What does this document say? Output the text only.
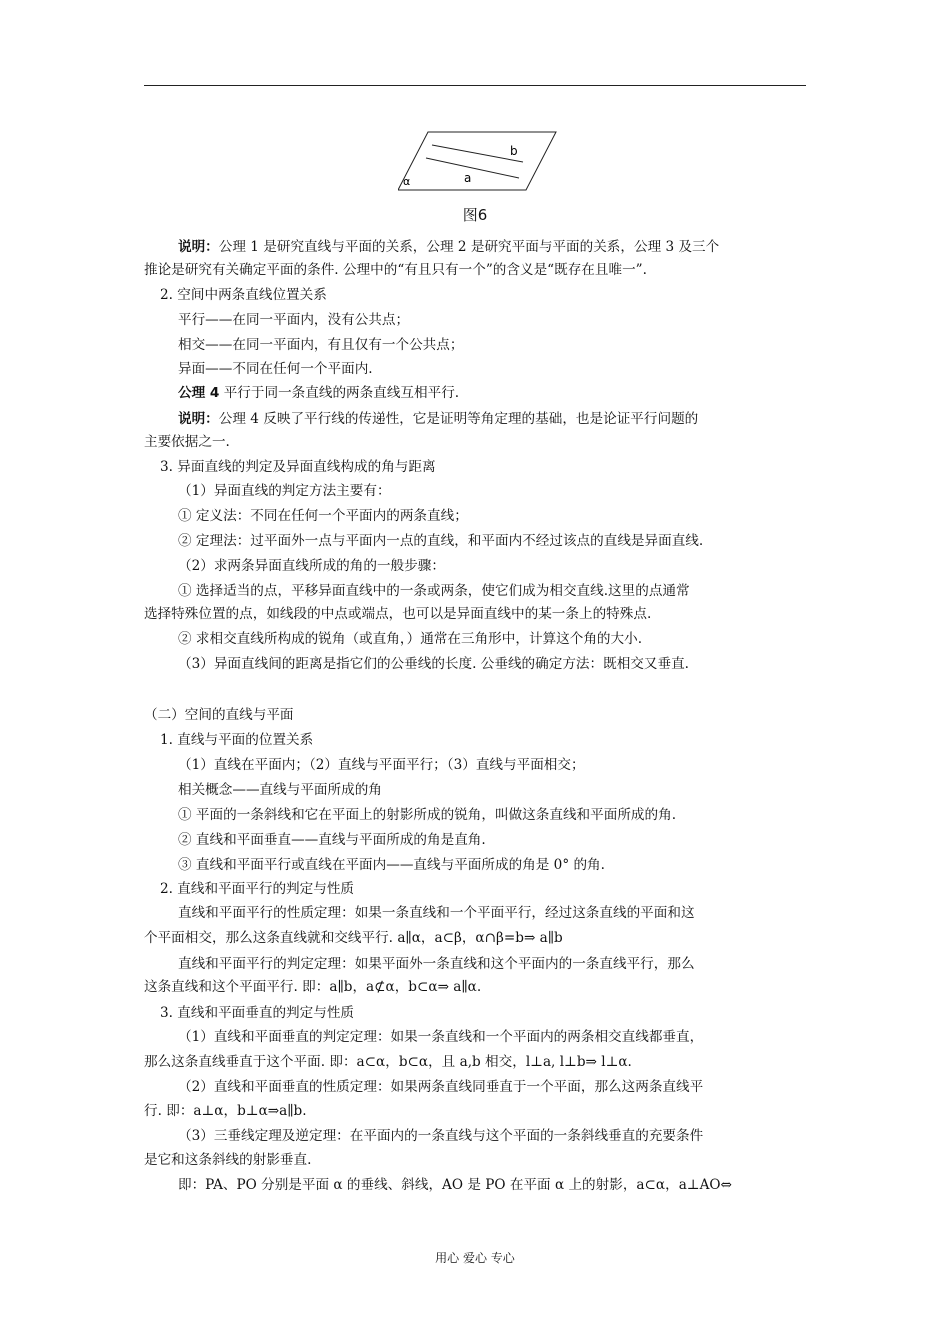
b
a
α
图6
说明：公理 1 是研究直线与平面的关系，公理 2 是研究平面与平面的关系，公理 3 及三个
推论是研究有关确定平面的条件. 公理中的“有且只有一个”的含义是“既存在且唯一”.
2. 空间中两条直线位置关系
平行——在同一平面内，没有公共点；
相交——在同一平面内，有且仅有一个公共点；
异面——不同在任何一个平面内.
公理 4 平行于同一条直线的两条直线互相平行.
说明：公理 4 反映了平行线的传递性，它是证明等角定理的基础，也是论证平行问题的
主要依据之一.
3. 异面直线的判定及异面直线构成的角与距离
（1）异面直线的判定方法主要有：
① 定义法：不同在任何一个平面内的两条直线；
② 定理法：过平面外一点与平面内一点的直线，和平面内不经过该点的直线是异面直线.
（2）求两条异面直线所成的角的一般步骤：
① 选择适当的点，平移异面直线中的一条或两条，使它们成为相交直线.这里的点通常
选择特殊位置的点，如线段的中点或端点，也可以是异面直线中的某一条上的特殊点.
② 求相交直线所构成的锐角（或直角，）通常在三角形中，计算这个角的大小.
（3）异面直线间的距离是指它们的公垂线的长度. 公垂线的确定方法：既相交又垂直.
（二）空间的直线与平面
1. 直线与平面的位置关系
（1）直线在平面内；（2）直线与平面平行；（3）直线与平面相交；
相关概念——直线与平面所成的角
① 平面的一条斜线和它在平面上的射影所成的锐角，叫做这条直线和平面所成的角.
② 直线和平面垂直——直线与平面所成的角是直角.
③ 直线和平面平行或直线在平面内——直线与平面所成的角是 0° 的角.
2. 直线和平面平行的判定与性质
直线和平面平行的性质定理：如果一条直线和一个平面平行，经过这条直线的平面和这
个平面相交，那么这条直线就和交线平行. a∥α，a⊂β，α∩β=b⇒ a∥b
直线和平面平行的判定定理：如果平面外一条直线和这个平面内的一条直线平行，那么
这条直线和这个平面平行. 即：a∥b，a⊄α，b⊂α⇒ a∥α.
3. 直线和平面垂直的判定与性质
（1）直线和平面垂直的判定定理：如果一条直线和一个平面内的两条相交直线都垂直，
那么这条直线垂直于这个平面. 即：a⊂α，b⊂α，且 a,b 相交，l⊥a, l⊥b⇒ l⊥α.
（2）直线和平面垂直的性质定理：如果两条直线同垂直于一个平面，那么这两条直线平
行. 即：a⊥α，b⊥α⇒a∥b.
（3）三垂线定理及逆定理：在平面内的一条直线与这个平面的一条斜线垂直的充要条件
是它和这条斜线的射影垂直.
即：PA、PO 分别是平面 α 的垂线、斜线，AO 是 PO 在平面 α 上的射影，a⊂α，a⊥AO⇔
用心 爱心 专心
